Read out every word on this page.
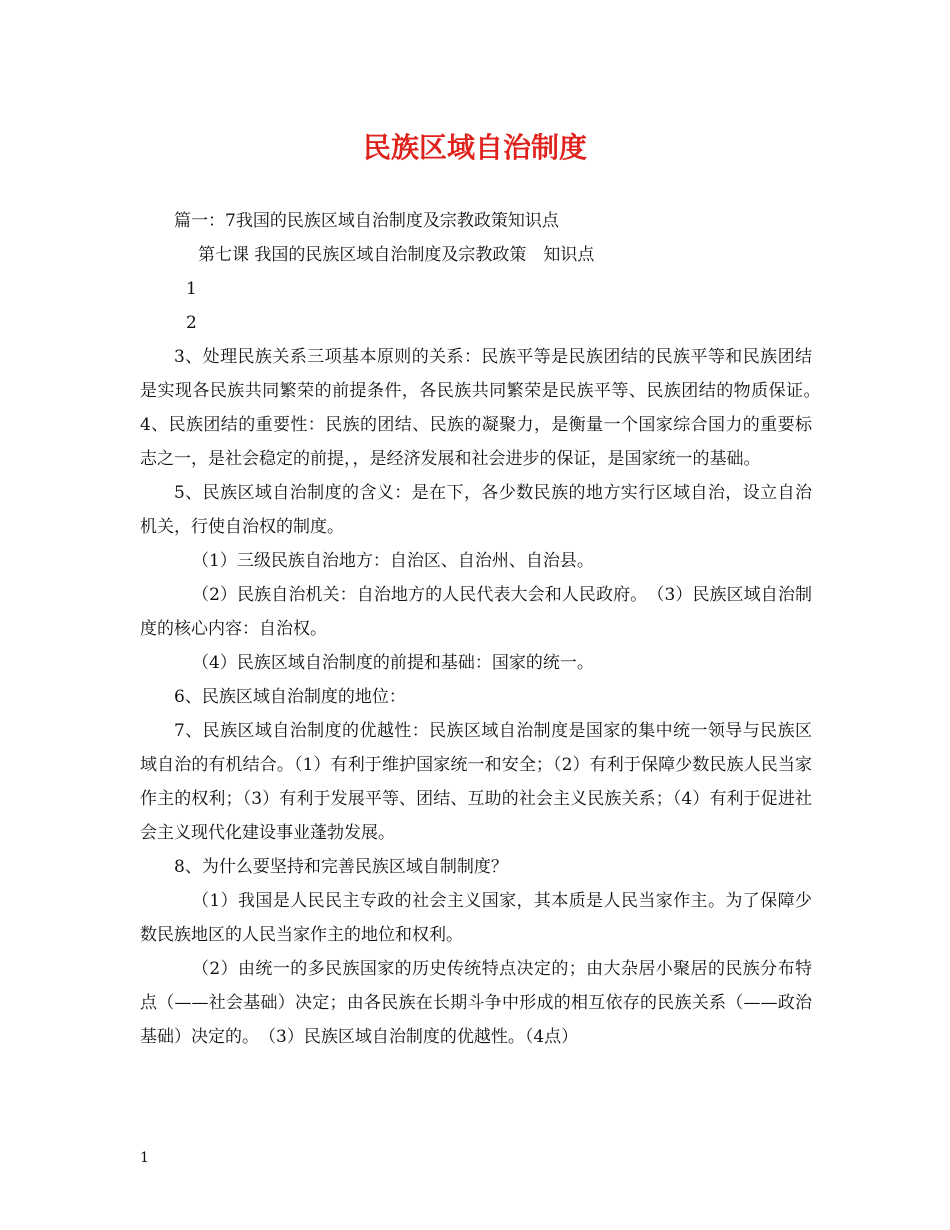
民族区域自治制度

篇一：7我国的民族区域自治制度及宗教政策知识点

第七课 我国的民族区域自治制度及宗教政策　知识点

1

2

3、处理民族关系三项基本原则的关系：民族平等是民族团结的民族平等和民族团结是实现各民族共同繁荣的前提条件，各民族共同繁荣是民族平等、民族团结的物质保证。　4、民族团结的重要性：民族的团结、民族的凝聚力，是衡量一个国家综合国力的重要标志之一，是社会稳定的前提，，是经济发展和社会进步的保证，是国家统一的基础。

5、民族区域自治制度的含义：是在下，各少数民族的地方实行区域自治，设立自治机关，行使自治权的制度。

（1）三级民族自治地方：自治区、自治州、自治县。

（2）民族自治机关：自治地方的人民代表大会和人民政府。　（3）民族区域自治制度的核心内容：自治权。

（4）民族区域自治制度的前提和基础：国家的统一。

6、民族区域自治制度的地位：

7、民族区域自治制度的优越性：民族区域自治制度是国家的集中统一领导与民族区域自治的有机结合。（1）有利于维护国家统一和安全；（2）有利于保障少数民族人民当家作主的权利；（3）有利于发展平等、团结、互助的社会主义民族关系；（4）有利于促进社会主义现代化建设事业蓬勃发展。

8、为什么要坚持和完善民族区域自制制度？

（1）我国是人民民主专政的社会主义国家，其本质是人民当家作主。为了保障少数民族地区的人民当家作主的地位和权利。

（2）由统一的多民族国家的历史传统特点决定的；由大杂居小聚居的民族分布特点（——社会基础）决定；由各民族在长期斗争中形成的相互依存的民族关系（——政治基础）决定的。　（3）民族区域自治制度的优越性。（4点）

1
